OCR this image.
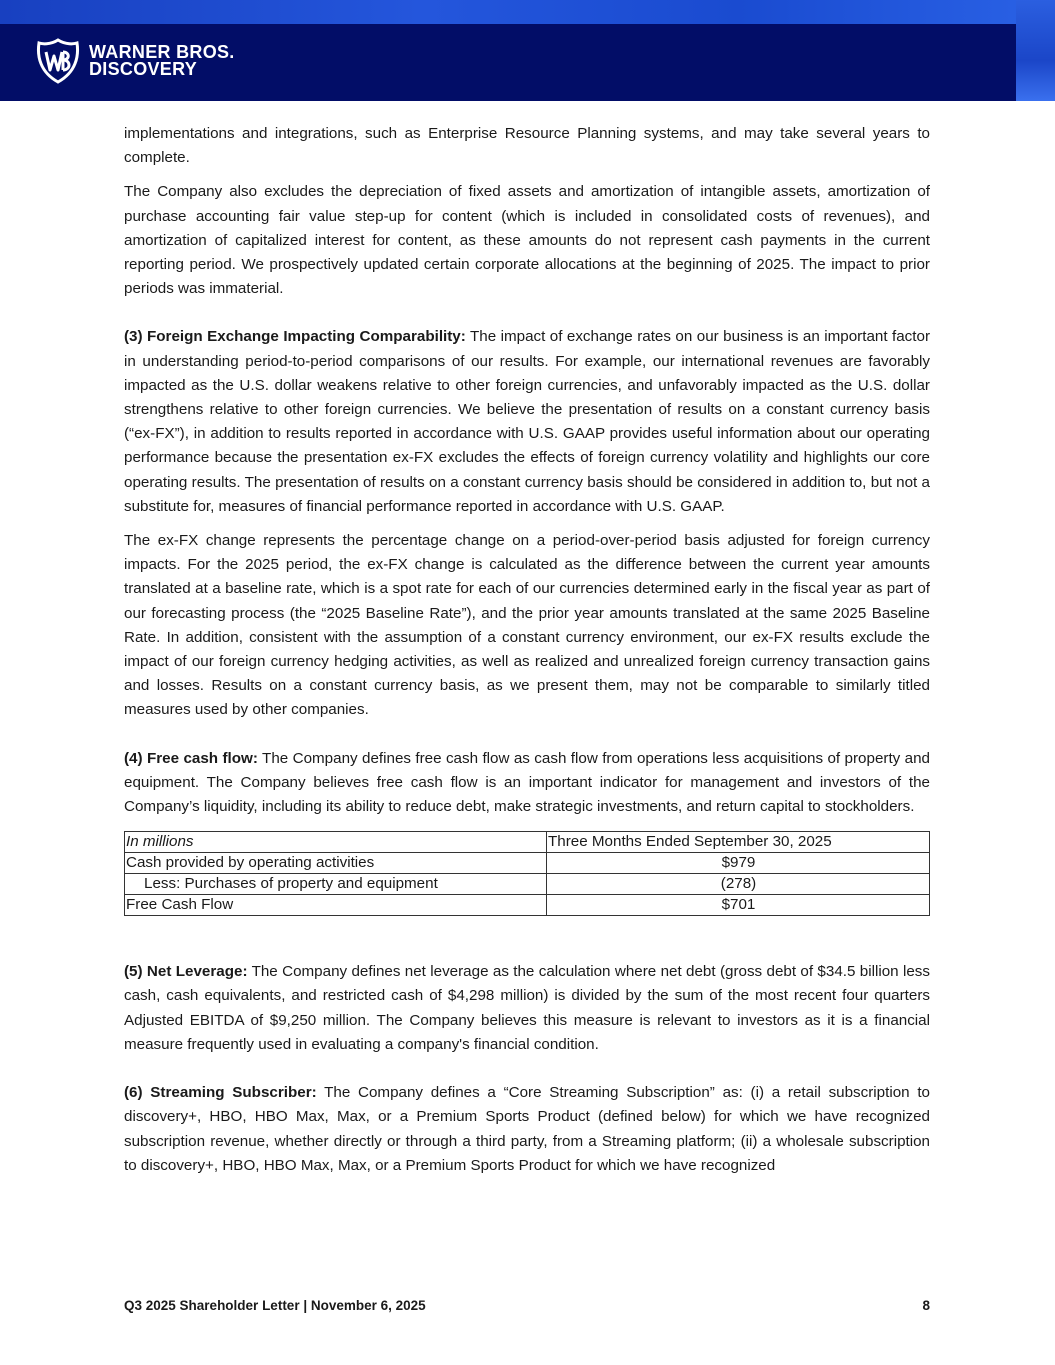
WARNER BROS.
DISCOVERY

implementations and integrations, such as Enterprise Resource Planning systems, and may take several years to complete.

The Company also excludes the depreciation of fixed assets and amortization of intangible assets, amortization of purchase accounting fair value step-up for content (which is included in consolidated costs of revenues), and amortization of capitalized interest for content, as these amounts do not represent cash payments in the current reporting period. We prospectively updated certain corporate allocations at the beginning of 2025. The impact to prior periods was immaterial.

(3) Foreign Exchange Impacting Comparability: The impact of exchange rates on our business is an important factor in understanding period-to-period comparisons of our results. For example, our international revenues are favorably impacted as the U.S. dollar weakens relative to other foreign currencies, and unfavorably impacted as the U.S. dollar strengthens relative to other foreign currencies. We believe the presentation of results on a constant currency basis (“ex-FX”), in addition to results reported in accordance with U.S. GAAP provides useful information about our operating performance because the presentation ex-FX excludes the effects of foreign currency volatility and highlights our core operating results. The presentation of results on a constant currency basis should be considered in addition to, but not a substitute for, measures of financial performance reported in accordance with U.S. GAAP.

The ex-FX change represents the percentage change on a period-over-period basis adjusted for foreign currency impacts. For the 2025 period, the ex-FX change is calculated as the difference between the current year amounts translated at a baseline rate, which is a spot rate for each of our currencies determined early in the fiscal year as part of our forecasting process (the “2025 Baseline Rate”), and the prior year amounts translated at the same 2025 Baseline Rate. In addition, consistent with the assumption of a constant currency environment, our ex-FX results exclude the impact of our foreign currency hedging activities, as well as realized and unrealized foreign currency transaction gains and losses. Results on a constant currency basis, as we present them, may not be comparable to similarly titled measures used by other companies.

(4) Free cash flow: The Company defines free cash flow as cash flow from operations less acquisitions of property and equipment. The Company believes free cash flow is an important indicator for management and investors of the Company’s liquidity, including its ability to reduce debt, make strategic investments, and return capital to stockholders.

In millions	Three Months Ended September 30, 2025
Cash provided by operating activities	$979
Less: Purchases of property and equipment	(278)
Free Cash Flow	$701

(5) Net Leverage: The Company defines net leverage as the calculation where net debt (gross debt of $34.5 billion less cash, cash equivalents, and restricted cash of $4,298 million) is divided by the sum of the most recent four quarters Adjusted EBITDA of $9,250 million. The Company believes this measure is relevant to investors as it is a financial measure frequently used in evaluating a company's financial condition.

(6) Streaming Subscriber: The Company defines a “Core Streaming Subscription” as: (i) a retail subscription to discovery+, HBO, HBO Max, Max, or a Premium Sports Product (defined below) for which we have recognized subscription revenue, whether directly or through a third party, from a Streaming platform; (ii) a wholesale subscription to discovery+, HBO, HBO Max, Max, or a Premium Sports Product for which we have recognized

Q3 2025 Shareholder Letter | November 6, 2025	8
